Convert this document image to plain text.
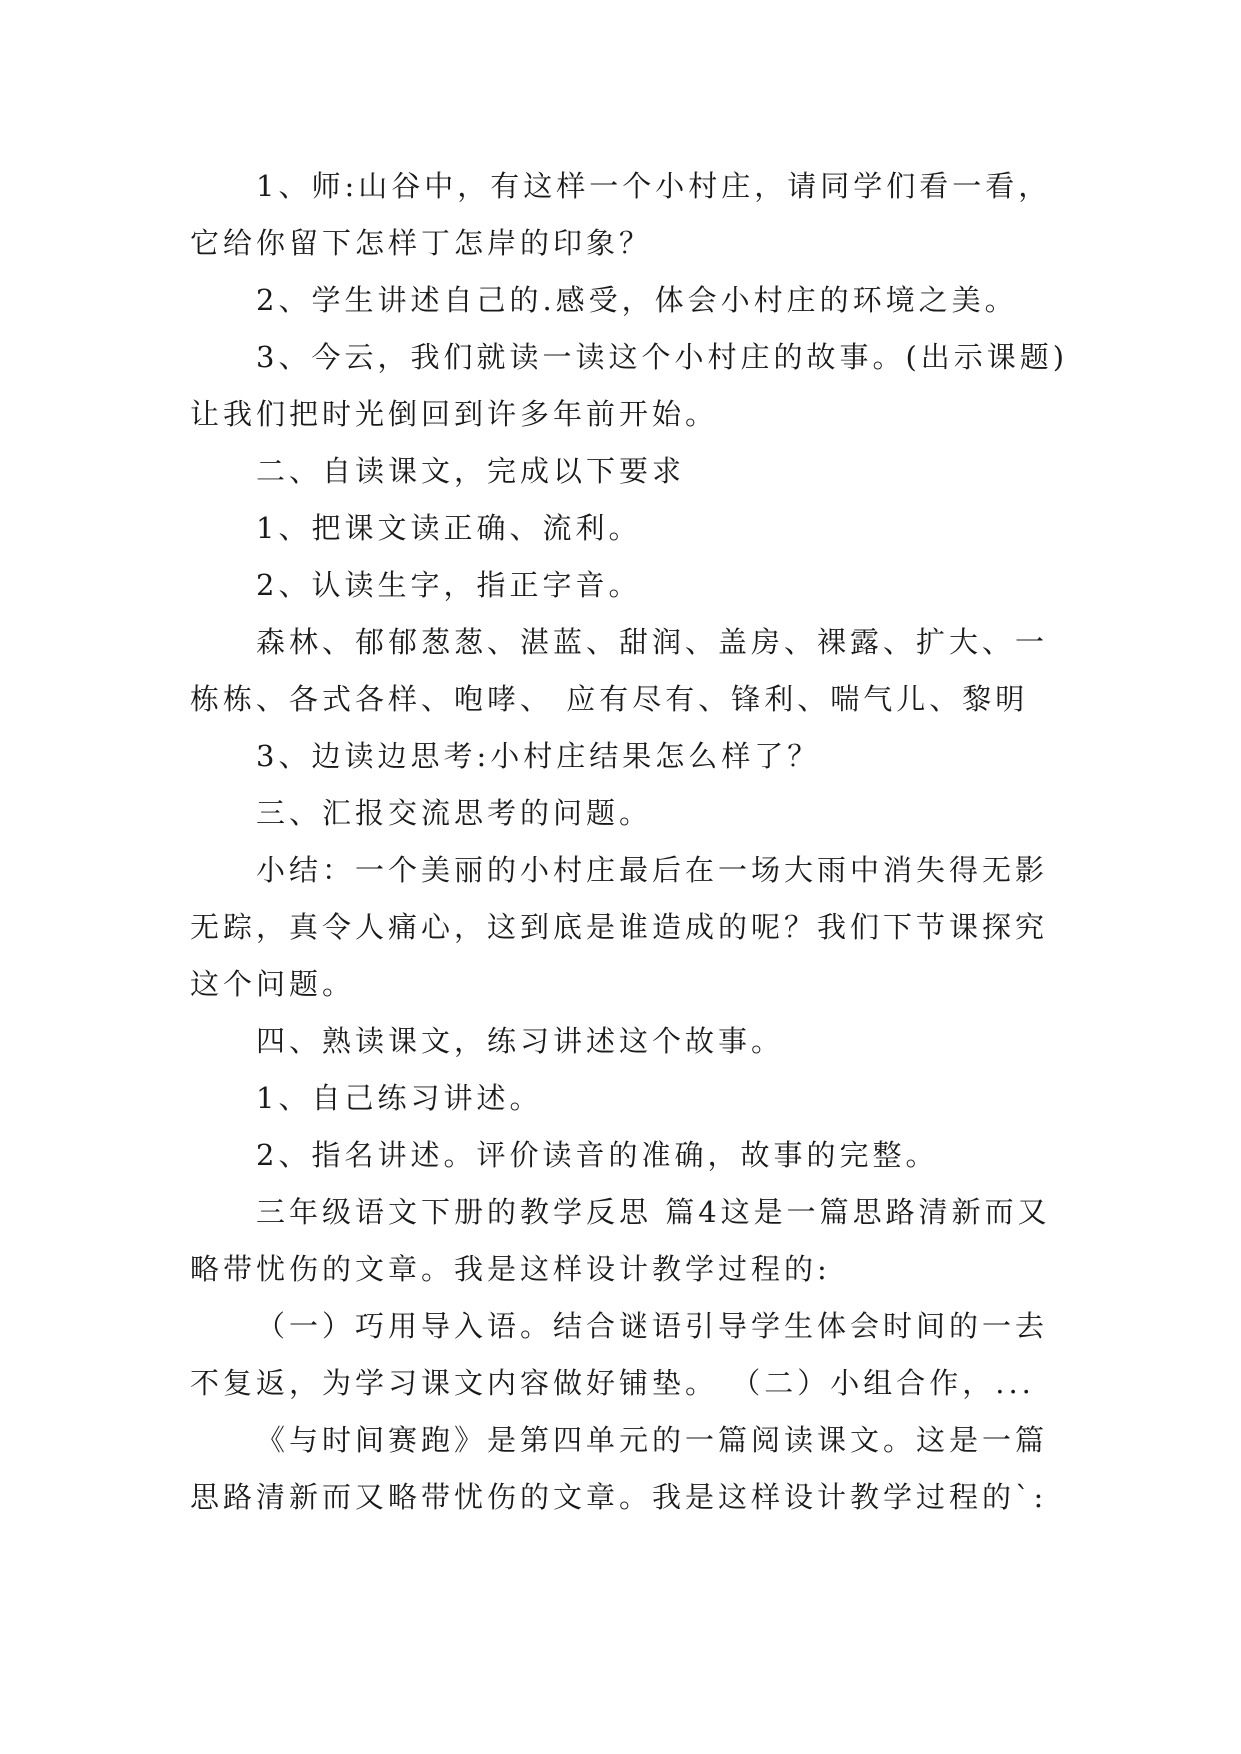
1、师:山谷中，有这样一个小村庄，请同学们看一看，它给你留下怎样丁怎岸的印象？

2、学生讲述自己的.感受，体会小村庄的环境之美。

3、今云，我们就读一读这个小村庄的故事。(出示课题)让我们把时光倒回到许多年前开始。

二、自读课文，完成以下要求

1、把课文读正确、流利。

2、认读生字，指正字音。

森林、郁郁葱葱、湛蓝、甜润、盖房、裸露、扩大、一栋栋、各式各样、咆哮、 应有尽有、锋利、喘气儿、黎明

3、边读边思考:小村庄结果怎么样了？

三、汇报交流思考的问题。

小结：一个美丽的小村庄最后在一场大雨中消失得无影无踪，真令人痛心，这到底是谁造成的呢？我们下节课探究这个问题。

四、熟读课文，练习讲述这个故事。

1、自己练习讲述。

2、指名讲述。评价读音的准确，故事的完整。

三年级语文下册的教学反思 篇4这是一篇思路清新而又略带忧伤的文章。我是这样设计教学过程的:

（一）巧用导入语。结合谜语引导学生体会时间的一去不复返，为学习课文内容做好铺垫。 （二）小组合作，...

《与时间赛跑》是第四单元的一篇阅读课文。这是一篇思路清新而又略带忧伤的文章。我是这样设计教学过程的`:
